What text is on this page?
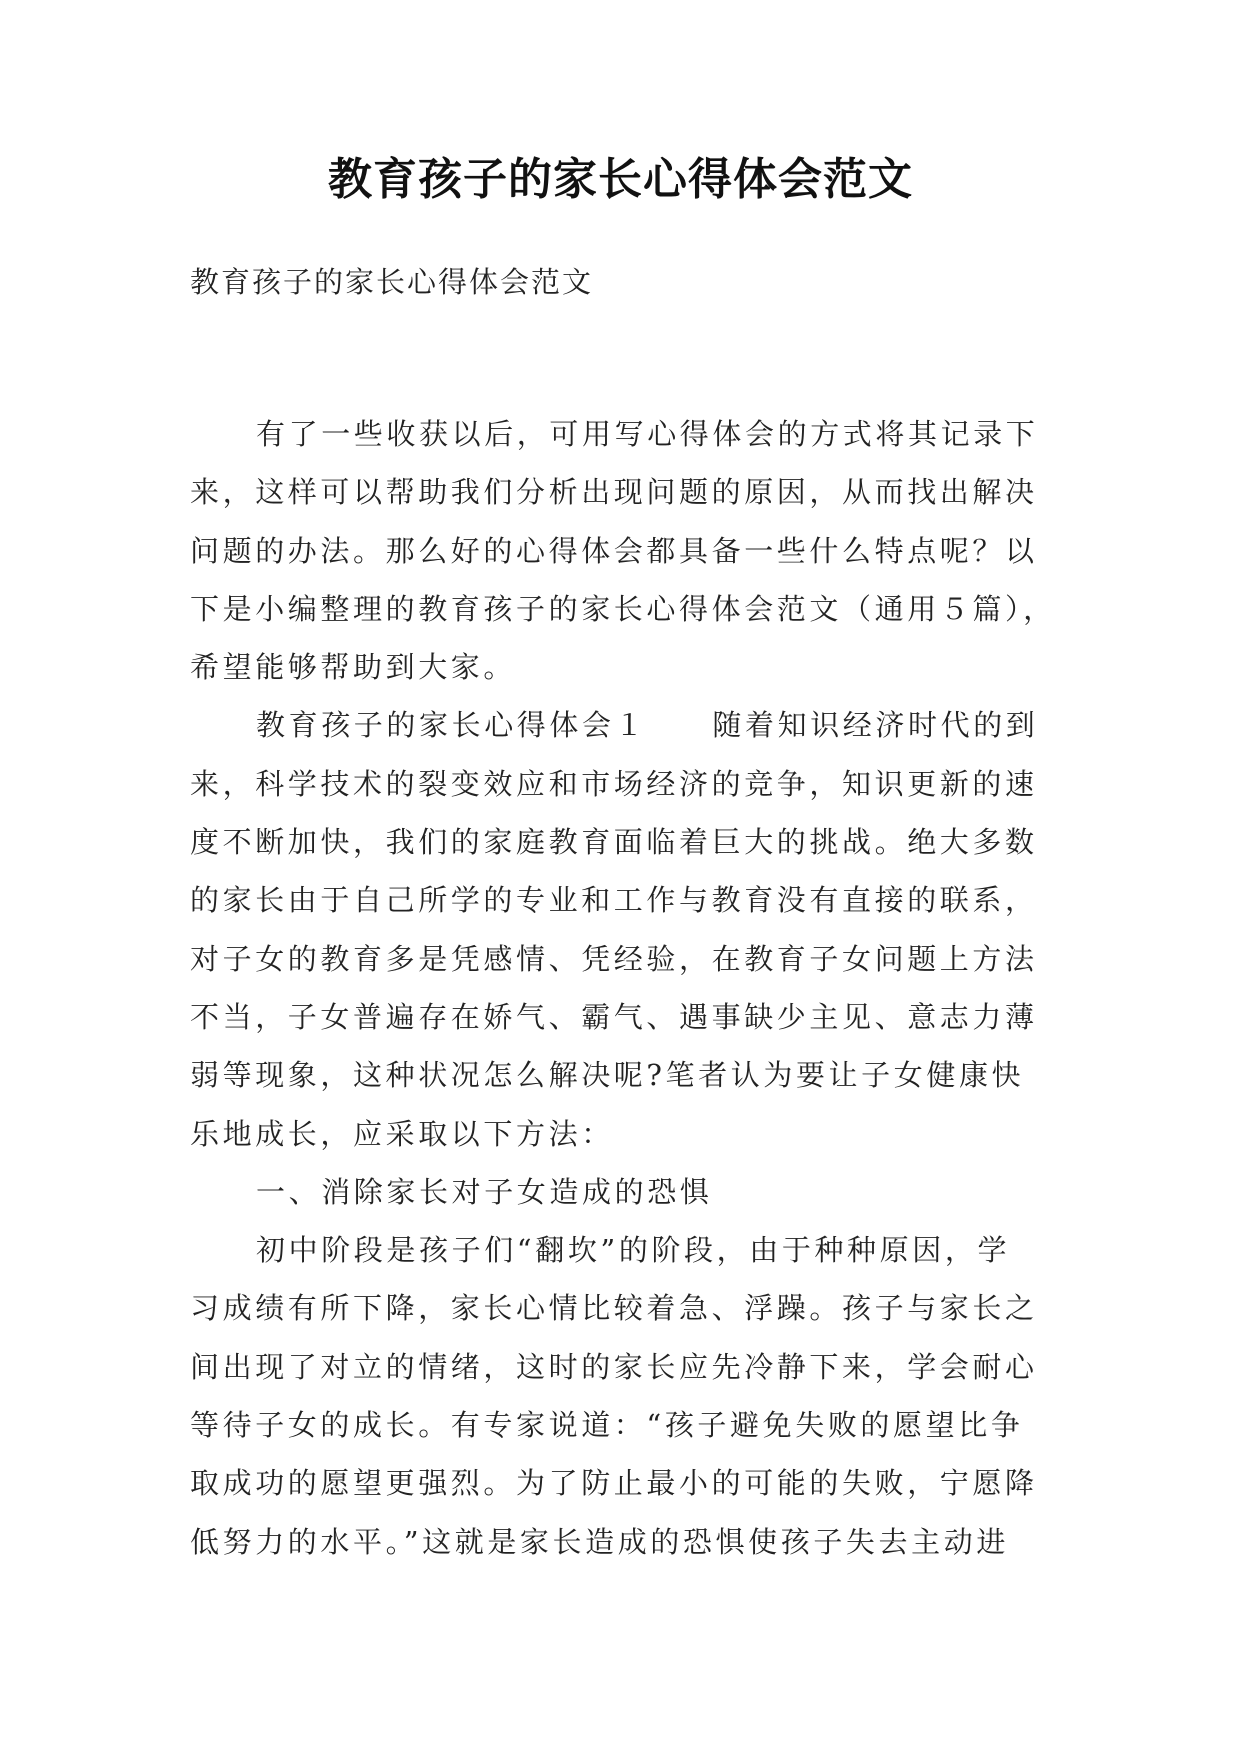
教育孩子的家长心得体会范文
教育孩子的家长心得体会范文
有了一些收获以后，可用写心得体会的方式将其记录下
来，这样可以帮助我们分析出现问题的原因，从而找出解决
问题的办法。那么好的心得体会都具备一些什么特点呢？以
下是小编整理的教育孩子的家长心得体会范文（通用５篇），
希望能够帮助到大家。
教育孩子的家长心得体会１　　随着知识经济时代的到
来，科学技术的裂变效应和市场经济的竞争，知识更新的速
度不断加快，我们的家庭教育面临着巨大的挑战。绝大多数
的家长由于自己所学的专业和工作与教育没有直接的联系，
对子女的教育多是凭感情、凭经验，在教育子女问题上方法
不当，子女普遍存在娇气、霸气、遇事缺少主见、意志力薄
弱等现象，这种状况怎么解决呢?笔者认为要让子女健康快
乐地成长，应采取以下方法：
一、消除家长对子女造成的恐惧
初中阶段是孩子们“翻坎”的阶段，由于种种原因，学
习成绩有所下降，家长心情比较着急、浮躁。孩子与家长之
间出现了对立的情绪，这时的家长应先冷静下来，学会耐心
等待子女的成长。有专家说道：“孩子避免失败的愿望比争
取成功的愿望更强烈。为了防止最小的可能的失败，宁愿降
低努力的水平。”这就是家长造成的恐惧使孩子失去主动进
